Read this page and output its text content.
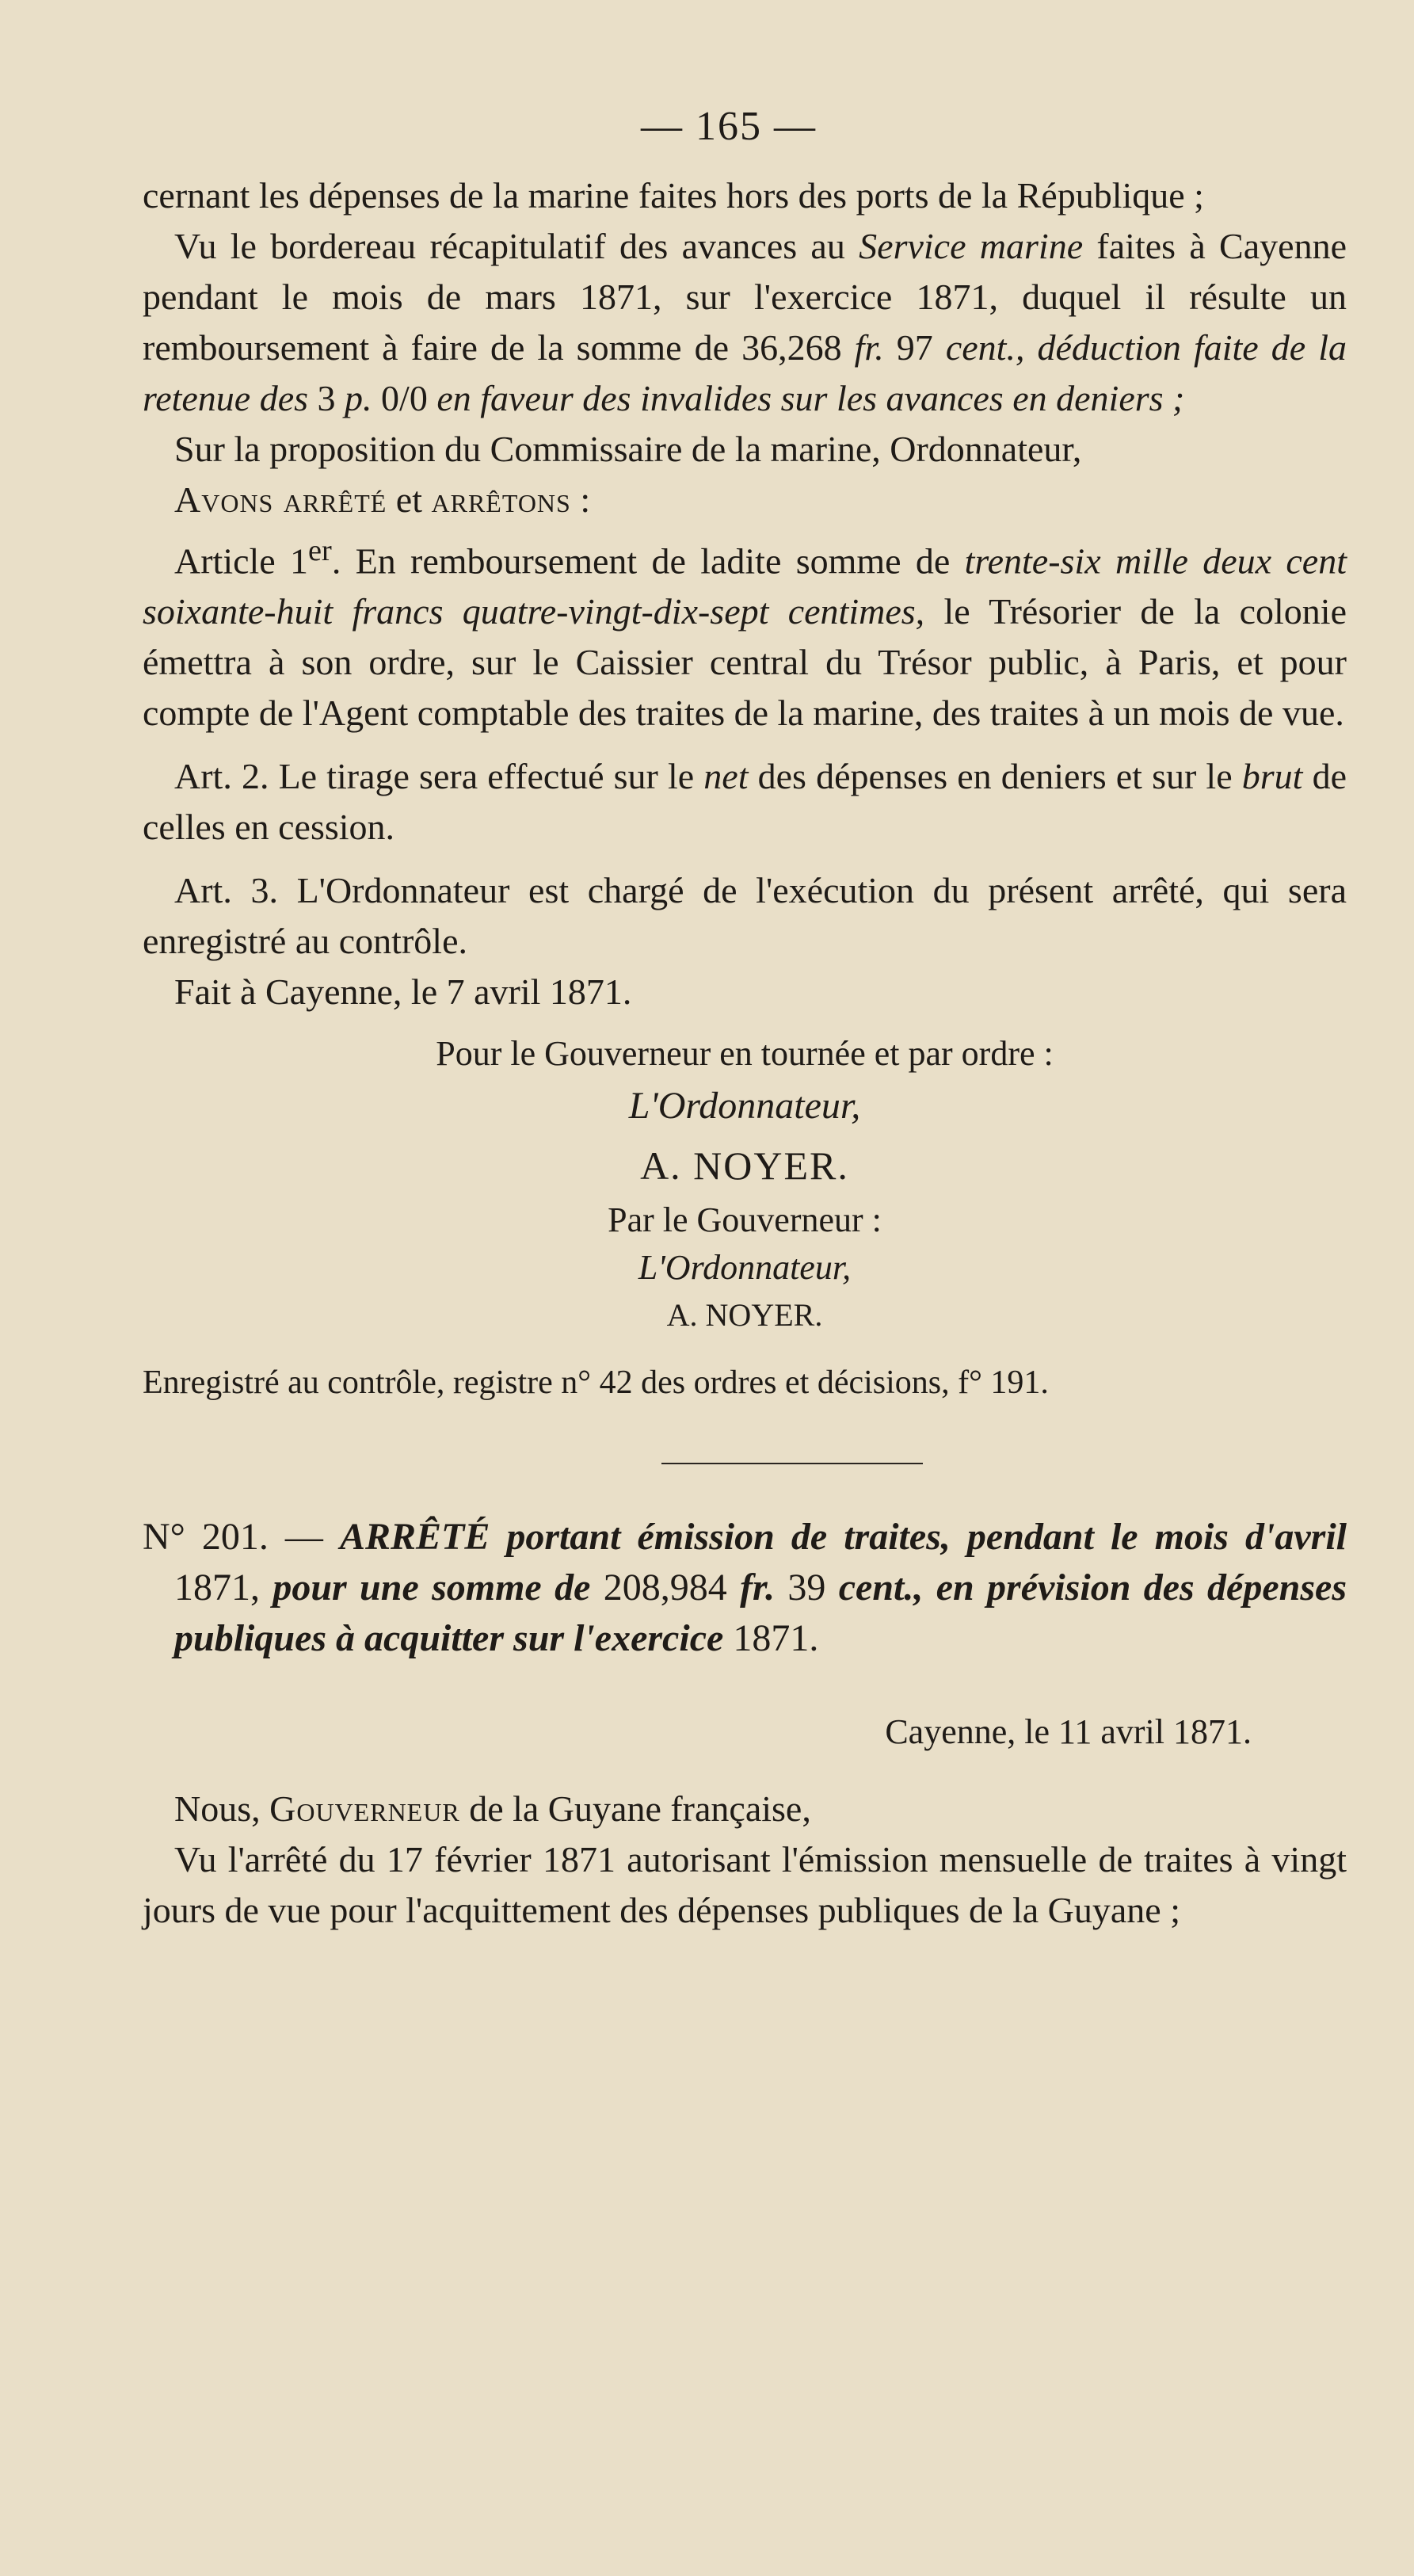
— 165 —

cernant les dépenses de la marine faites hors des ports de la République ;

Vu le bordereau récapitulatif des avances au Service marine faites à Cayenne pendant le mois de mars 1871, sur l'exercice 1871, duquel il résulte un remboursement à faire de la somme de 36,268 fr. 97 cent., déduction faite de la retenue des 3 p. 0/0 en faveur des invalides sur les avances en deniers ;

Sur la proposition du Commissaire de la marine, Ordonnateur,

Avons arrêté et arrêtons :

Article 1er. En remboursement de ladite somme de trente-six mille deux cent soixante-huit francs quatre-vingt-dix-sept centimes, le Trésorier de la colonie émettra à son ordre, sur le Caissier central du Trésor public, à Paris, et pour compte de l'Agent comptable des traites de la marine, des traites à un mois de vue.

Art. 2. Le tirage sera effectué sur le net des dépenses en deniers et sur le brut de celles en cession.

Art. 3. L'Ordonnateur est chargé de l'exécution du présent arrêté, qui sera enregistré au contrôle.

Fait à Cayenne, le 7 avril 1871.

Pour le Gouverneur en tournée et par ordre :
L'Ordonnateur,
A. NOYER.
Par le Gouverneur :
L'Ordonnateur,
A. NOYER.

Enregistré au contrôle, registre n° 42 des ordres et décisions, f° 191.

N° 201. — ARRÊTÉ portant émission de traites, pendant le mois d'avril 1871, pour une somme de 208,984 fr. 39 cent., en prévision des dépenses publiques à acquitter sur l'exercice 1871.

Cayenne, le 11 avril 1871.

Nous, Gouverneur de la Guyane française,

Vu l'arrêté du 17 février 1871 autorisant l'émission mensuelle de traites à vingt jours de vue pour l'acquittement des dépenses publiques de la Guyane ;
